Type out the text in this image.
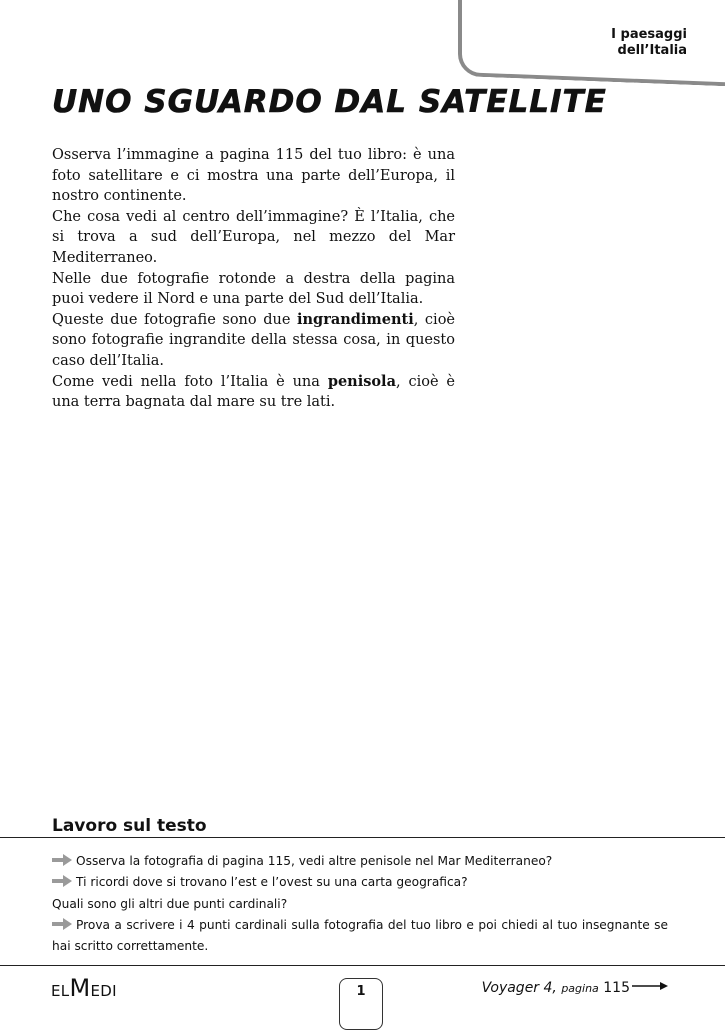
I paesaggi
dell’Italia
UNO SGUARDO DAL SATELLITE

Osserva l’immagine a pagina 115 del tuo libro: è una foto satellitare e ci mostra una parte dell’Europa, il nostro continente.

Che cosa vedi al centro dell’immagine? È l’Italia, che si trova a sud dell’Europa, nel mezzo del Mar Mediterraneo.

Nelle due fotografie rotonde a destra della pagina puoi vedere il Nord e una parte del Sud dell’Italia.

Queste due fotografie sono due ingrandimenti, cioè sono fotografie ingrandite della stessa cosa, in questo caso dell’Italia.

Come vedi nella foto l’Italia è una penisola, cioè è una terra bagnata dal mare su tre lati.

Lavoro sul testo

Osserva la fotografia di pagina 115, vedi altre penisole nel Mar Mediterraneo?

Ti ricordi dove si trovano l’est e l’ovest su una carta geografica?

Quali sono gli altri due punti cardinali?

Prova a scrivere i 4 punti cardinali sulla fotografia del tuo libro e poi chiedi al tuo insegnante se hai scritto correttamente.

ELMEDI	1	Voyager 4, pagina 115
